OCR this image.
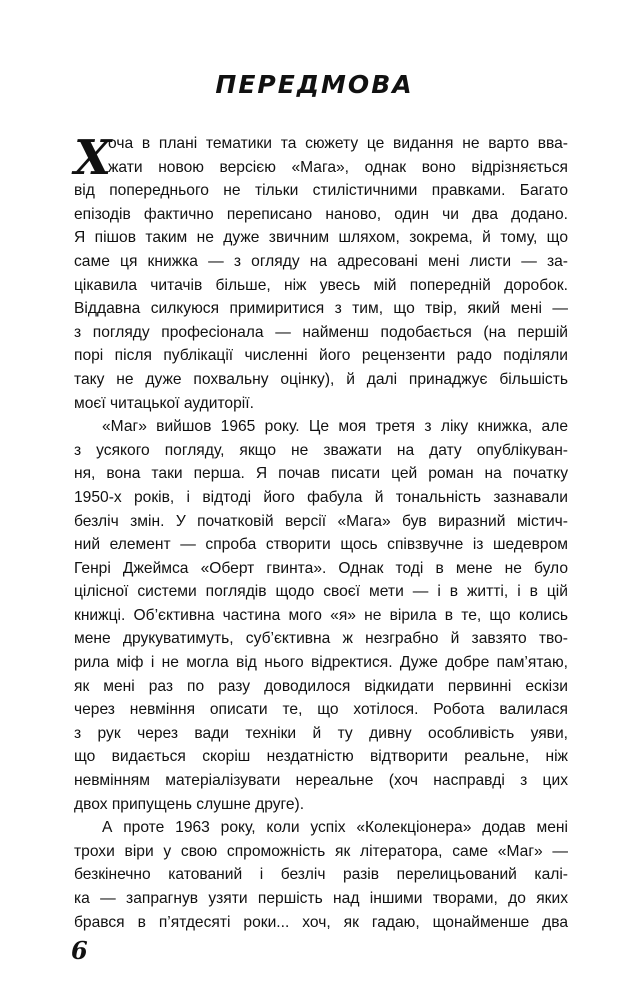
ПЕРЕДМОВА
Х
оча в плані тематики та сюжету це видання не варто вва-
жати новою версією «Мага», однак воно відрізняється
від попереднього не тільки стилістичними правками. Багато
епізодів фактично переписано наново, один чи два додано.
Я пішов таким не дуже звичним шляхом, зокрема, й тому, що
саме ця книжка — з огляду на адресовані мені листи — за-
цікавила читачів більше, ніж увесь мій попередній доробок.
Віддавна силкуюся примиритися з тим, що твір, який мені —
з погляду професіонала — найменш подобається (на першій
порі після публікації численні його рецензенти радо поділяли
таку не дуже похвальну оцінку), й далі принаджує більшість
моєї читацької аудиторії.
«Маг» вийшов 1965 року. Це моя третя з ліку книжка, але
з усякого погляду, якщо не зважати на дату опублікуван-
ня, вона таки перша. Я почав писати цей роман на початку
1950-х років, і відтоді його фабула й тональність зазнавали
безліч змін. У початковій версії «Мага» був виразний містич-
ний елемент — спроба створити щось співзвучне із шедевром
Генрі Джеймса «Оберт гвинта». Однак тоді в мене не було
цілісної системи поглядів щодо своєї мети — і в житті, і в цій
книжці. Об’єктивна частина мого «я» не вірила в те, що колись
мене друкуватимуть, суб’єктивна ж незграбно й завзято тво-
рила міф і не могла від нього відректися. Дуже добре пам’ятаю,
як мені раз по разу доводилося відкидати первинні ескізи
через невміння описати те, що хотілося. Робота валилася
з рук через вади техніки й ту дивну особливість уяви,
що видається скоріш нездатністю відтворити реальне, ніж
невмінням матеріалізувати нереальне (хоч насправді з цих
двох припущень слушне друге).
А проте 1963 року, коли успіх «Колекціонера» додав мені
трохи віри у свою спроможність як літератора, саме «Маг» —
безкінечно катований і безліч разів перелицьований калі-
ка — запрагнув узяти першість над іншими творами, до яких
брався в п’ятдесяті роки... хоч, як гадаю, щонайменше два
6
